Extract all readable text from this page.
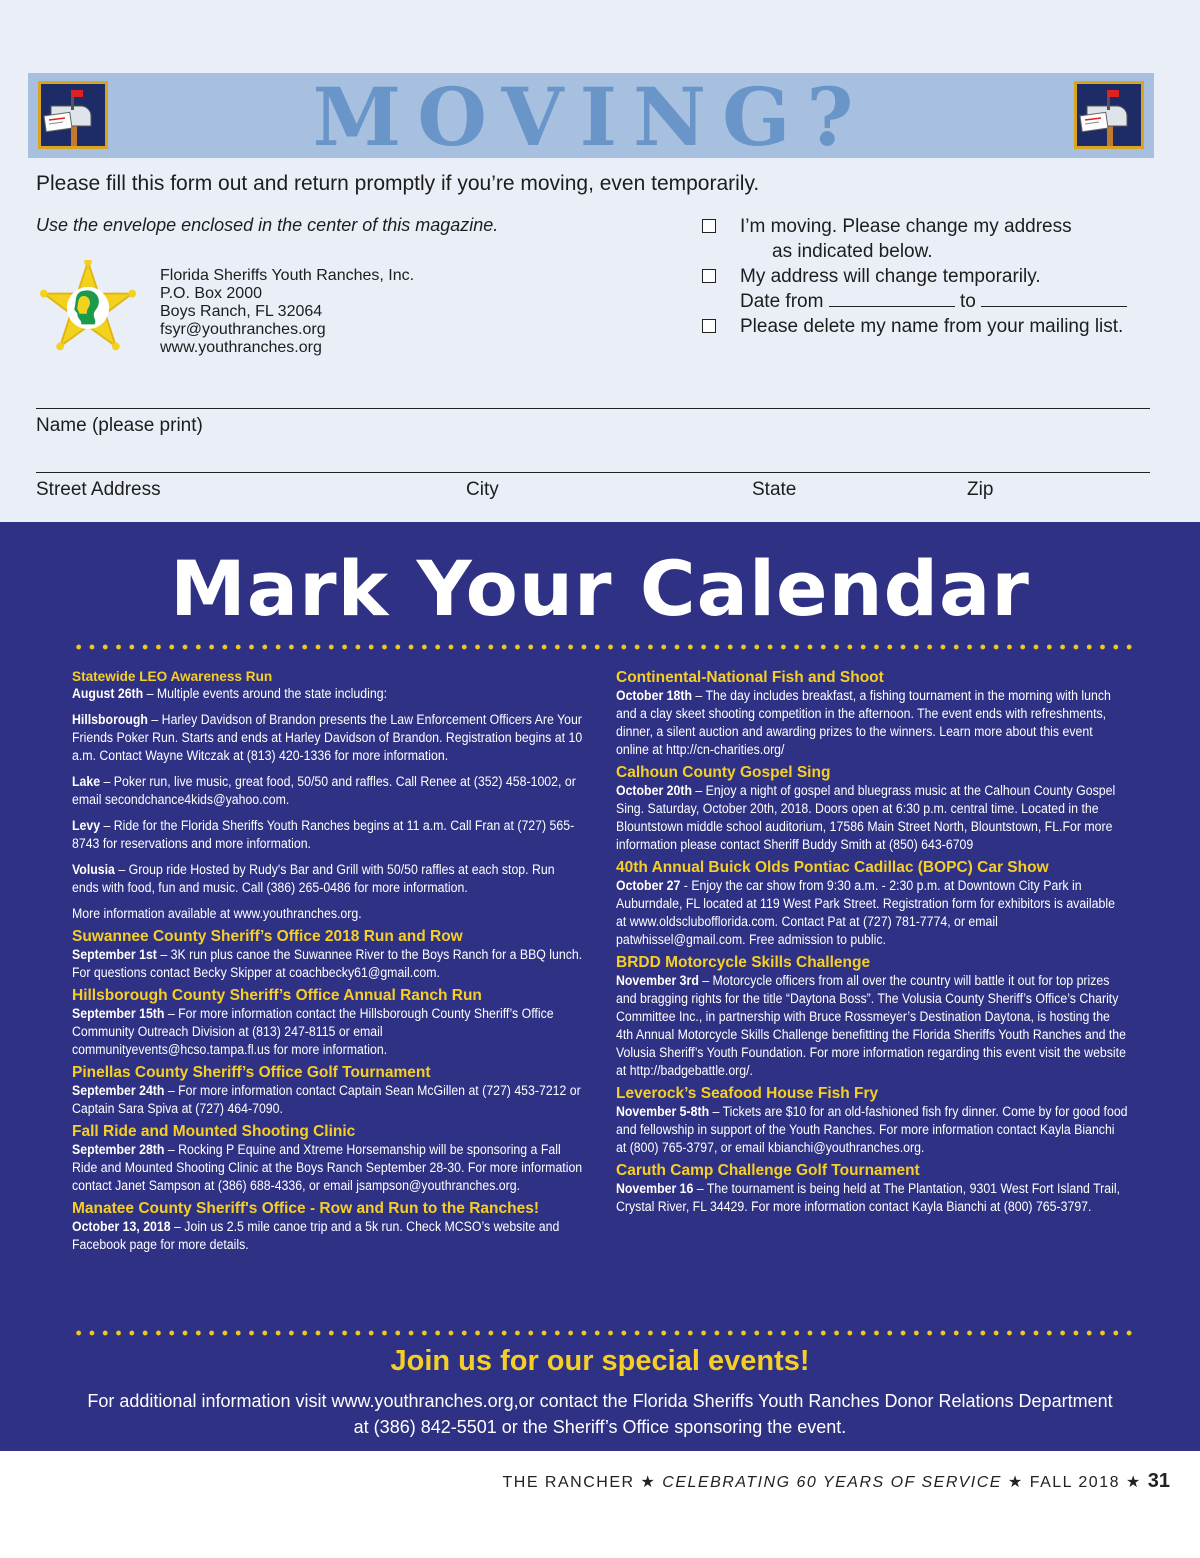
MOVING?
Please fill this form out and return promptly if you’re moving, even temporarily.
Use the envelope enclosed in the center of this magazine.
Florida Sheriffs Youth Ranches, Inc.
P.O. Box 2000
Boys Ranch, FL 32064
fsyr@youthranches.org
www.youthranches.org
I’m moving. Please change my address
as indicated below.
My address will change temporarily.
Date from	to
Please delete my name from your mailing list.
Name (please print)
Street Address	City	State	Zip
Mark Your Calendar
Statewide LEO Awareness Run
August 26th – Multiple events around the state including:
Hillsborough – Harley Davidson of Brandon presents the Law Enforcement Officers Are Your Friends Poker Run. Starts and ends at Harley Davidson of Brandon. Registration begins at 10 a.m. Contact Wayne Witczak at (813) 420-1336 for more information.
Lake – Poker run, live music, great food, 50/50 and raffles. Call Renee at (352) 458-1002, or email secondchance4kids@yahoo.com.
Levy – Ride for the Florida Sheriffs Youth Ranches begins at 11 a.m. Call Fran at (727) 565-8743 for reservations and more information.
Volusia – Group ride Hosted by Rudy's Bar and Grill with 50/50 raffles at each stop. Run ends with food, fun and music. Call (386) 265-0486 for more information.
More information available at www.youthranches.org.
Suwannee County Sheriff’s Office 2018 Run and Row
September 1st – 3K run plus canoe the Suwannee River to the Boys Ranch for a BBQ lunch. For questions contact Becky Skipper at coachbecky61@gmail.com.
Hillsborough County Sheriff’s Office Annual Ranch Run
September 15th – For more information contact the Hillsborough County Sheriff’s Office Community Outreach Division at (813) 247-8115 or email communityevents@hcso.tampa.fl.us for more information.
Pinellas County Sheriff’s Office Golf Tournament
September 24th – For more information contact Captain Sean McGillen at (727) 453-7212 or Captain Sara Spiva at (727) 464-7090.
Fall Ride and Mounted Shooting Clinic
September 28th – Rocking P Equine and Xtreme Horsemanship will be sponsoring a Fall Ride and Mounted Shooting Clinic at the Boys Ranch September 28-30. For more information contact Janet Sampson at (386) 688-4336, or email jsampson@youthranches.org.
Manatee County Sheriff's Office - Row and Run to the Ranches!
October 13, 2018 – Join us 2.5 mile canoe trip and a 5k run. Check MCSO’s website and Facebook page for more details.
Continental-National Fish and Shoot
October 18th – The day includes breakfast, a fishing tournament in the morning with lunch and a clay skeet shooting competition in the afternoon. The event ends with refreshments, dinner, a silent auction and awarding prizes to the winners. Learn more about this event online at http://cn-charities.org/
Calhoun County Gospel Sing
October 20th – Enjoy a night of gospel and bluegrass music at the Calhoun County Gospel Sing. Saturday, October 20th, 2018. Doors open at 6:30 p.m. central time. Located in the Blountstown middle school auditorium, 17586 Main Street North, Blountstown, FL.For more information please contact Sheriff Buddy Smith at (850) 643-6709
40th Annual Buick Olds Pontiac Cadillac (BOPC) Car Show
October 27 - Enjoy the car show from 9:30 a.m. - 2:30 p.m. at Downtown City Park in Auburndale, FL located at 119 West Park Street. Registration form for exhibitors is available at www.oldsclubofflorida.com. Contact Pat at (727) 781-7774, or email patwhissel@gmail.com. Free admission to public.
BRDD Motorcycle Skills Challenge
November 3rd – Motorcycle officers from all over the country will battle it out for top prizes and bragging rights for the title “Daytona Boss”. The Volusia County Sheriff’s Office’s Charity Committee Inc., in partnership with Bruce Rossmeyer’s Destination Daytona, is hosting the 4th Annual Motorcycle Skills Challenge benefitting the Florida Sheriffs Youth Ranches and the Volusia Sheriff’s Youth Foundation. For more information regarding this event visit the website at http://badgebattle.org/.
Leverock’s Seafood House Fish Fry
November 5-8th – Tickets are $10 for an old-fashioned fish fry dinner. Come by for good food and fellowship in support of the Youth Ranches. For more information contact Kayla Bianchi at (800) 765-3797, or email kbianchi@youthranches.org.
Caruth Camp Challenge Golf Tournament
November 16 – The tournament is being held at The Plantation, 9301 West Fort Island Trail, Crystal River, FL 34429. For more information contact Kayla Bianchi at (800) 765-3797.
Join us for our special events!
For additional information visit www.youthranches.org,or contact the Florida Sheriffs Youth Ranches Donor Relations Department
at (386) 842-5501 or the Sheriff’s Office sponsoring the event.
THE RANCHER ★ CELEBRATING 60 YEARS OF SERVICE ★ FALL 2018 ★ 31
